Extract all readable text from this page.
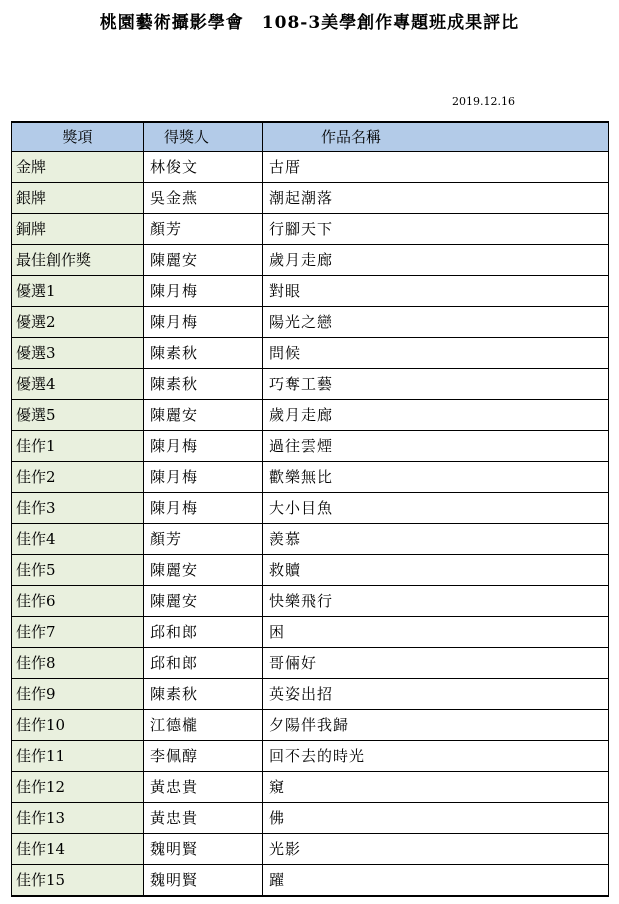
桃園藝術攝影學會　108-3美學創作專題班成果評比
2019.12.16
獎項	得獎人	作品名稱
金牌	林俊文	古厝
銀牌	吳金燕	潮起潮落
銅牌	顏芳	行腳天下
最佳創作獎	陳麗安	歲月走廊
優選1	陳月梅	對眼
優選2	陳月梅	陽光之戀
優選3	陳素秋	問候
優選4	陳素秋	巧奪工藝
優選5	陳麗安	歲月走廊
佳作1	陳月梅	過往雲煙
佳作2	陳月梅	歡樂無比
佳作3	陳月梅	大小目魚
佳作4	顏芳	羨慕
佳作5	陳麗安	救贖
佳作6	陳麗安	快樂飛行
佳作7	邱和郎	困
佳作8	邱和郎	哥倆好
佳作9	陳素秋	英姿出招
佳作10	江德櫳	夕陽伴我歸
佳作11	李佩醇	回不去的時光
佳作12	黃忠貴	窺
佳作13	黃忠貴	佛
佳作14	魏明賢	光影
佳作15	魏明賢	躍
